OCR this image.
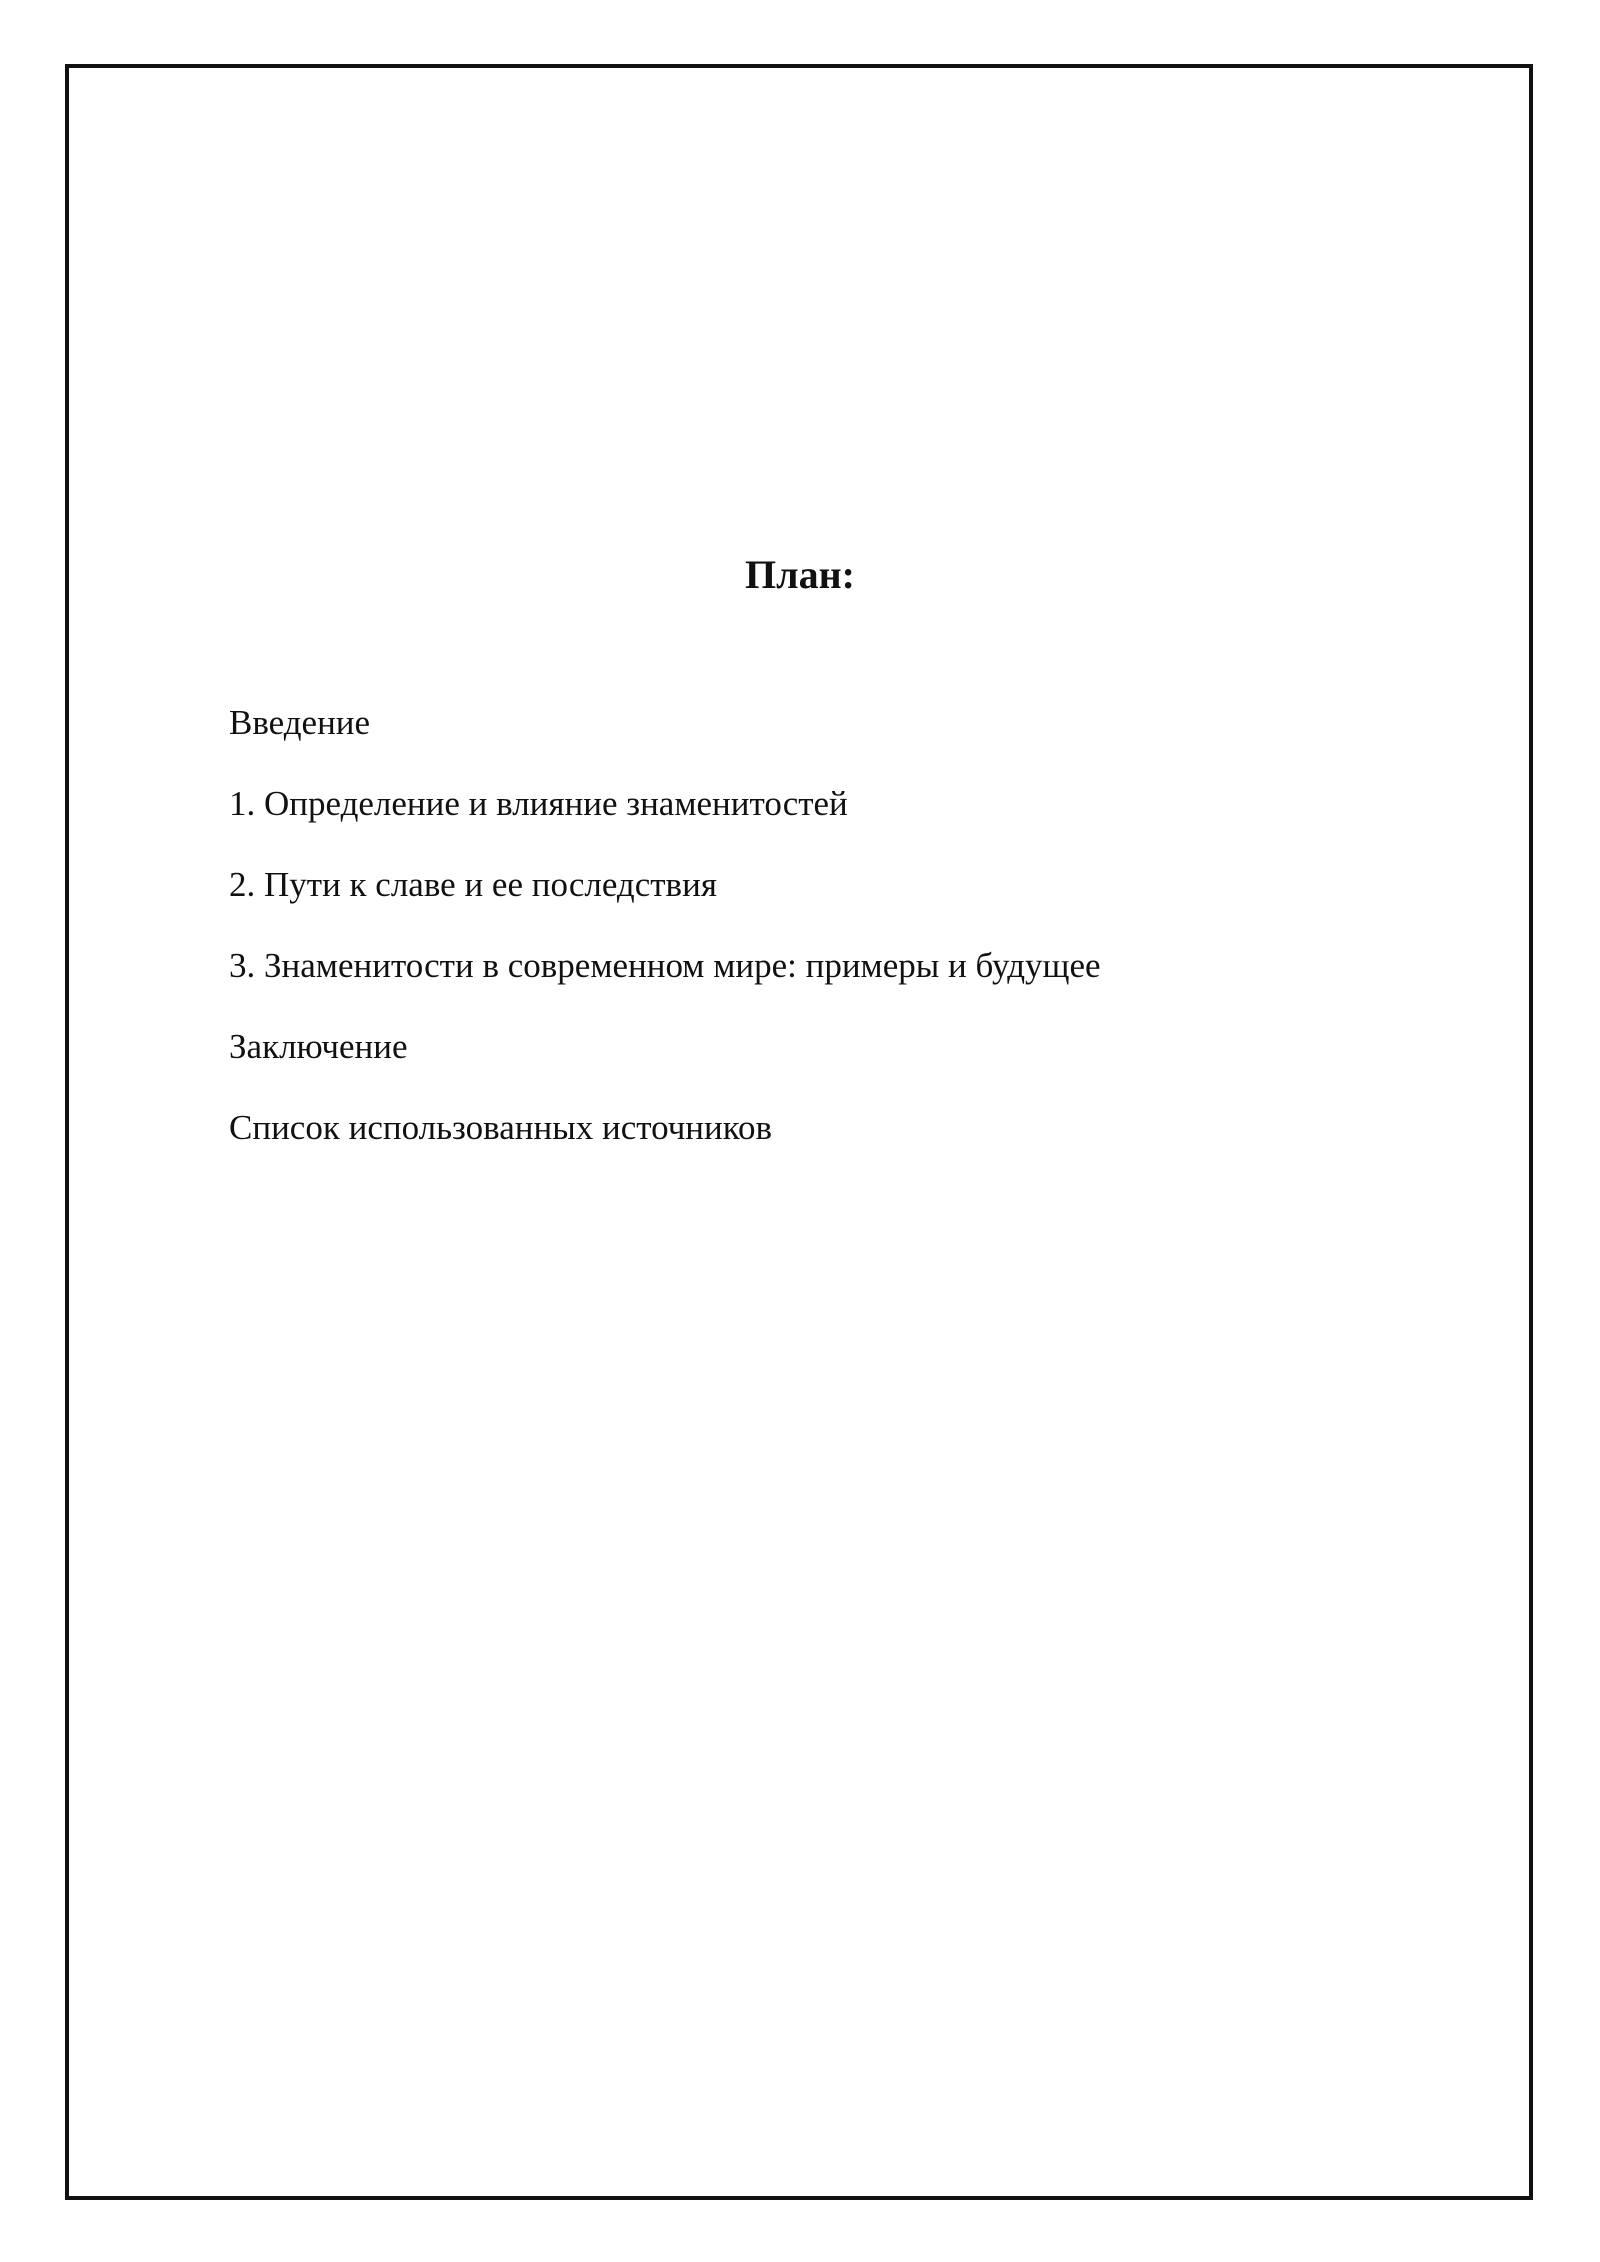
План:
Введение
1. Определение и влияние знаменитостей
2. Пути к славе и ее последствия
3. Знаменитости в современном мире: примеры и будущее
Заключение
Список использованных источников
